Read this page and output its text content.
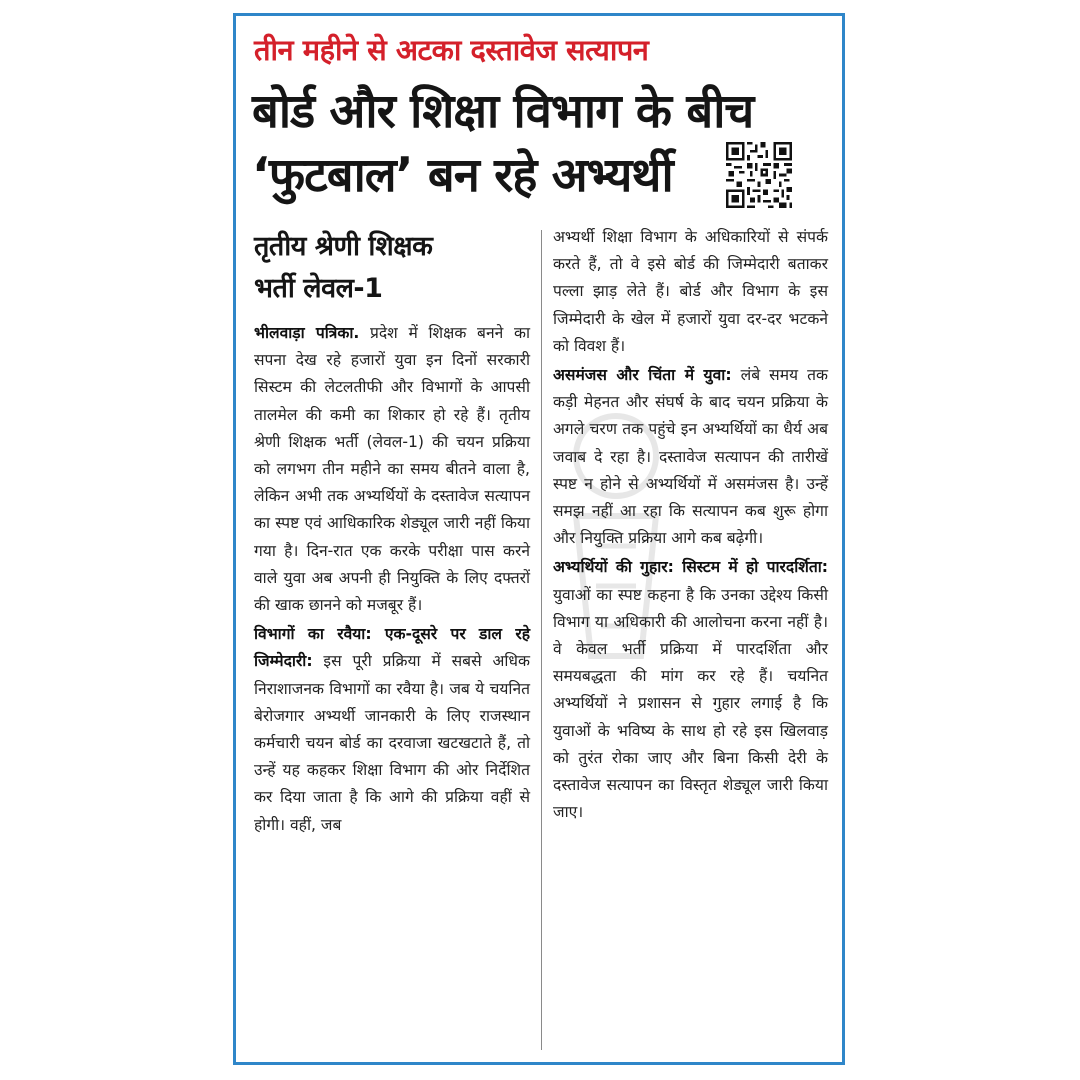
तीन महीने से अटका दस्तावेज सत्यापन
बोर्ड और शिक्षा विभाग के बीच
‘फुटबाल’ बन रहे अभ्यर्थी
तृतीय श्रेणी शिक्षक
भर्ती लेवल-1

भीलवाड़ा पत्रिका. प्रदेश में शिक्षक बनने का सपना देख रहे हजारों युवा इन दिनों सरकारी सिस्टम की लेटलतीफी और विभागों के आपसी तालमेल की कमी का शिकार हो रहे हैं। तृतीय श्रेणी शिक्षक भर्ती (लेवल-1) की चयन प्रक्रिया को लगभग तीन महीने का समय बीतने वाला है, लेकिन अभी तक अभ्यर्थियों के दस्तावेज सत्यापन का स्पष्ट एवं आधिकारिक शेड्यूल जारी नहीं किया गया है। दिन-रात एक करके परीक्षा पास करने वाले युवा अब अपनी ही नियुक्ति के लिए दफ्तरों की खाक छानने को मजबूर हैं।

विभागों का रवैया: एक-दूसरे पर डाल रहे जिम्मेदारी: इस पूरी प्रक्रिया में सबसे अधिक निराशाजनक विभागों का रवैया है। जब ये चयनित बेरोजगार अभ्यर्थी जानकारी के लिए राजस्थान कर्मचारी चयन बोर्ड का दरवाजा खटखटाते हैं, तो उन्हें यह कहकर शिक्षा विभाग की ओर निर्देशित कर दिया जाता है कि आगे की प्रक्रिया वहीं से होगी। वहीं, जब

अभ्यर्थी शिक्षा विभाग के अधिकारियों से संपर्क करते हैं, तो वे इसे बोर्ड की जिम्मेदारी बताकर पल्ला झाड़ लेते हैं। बोर्ड और विभाग के इस जिम्मेदारी के खेल में हजारों युवा दर-दर भटकने को विवश हैं।

असमंजस और चिंता में युवा: लंबे समय तक कड़ी मेहनत और संघर्ष के बाद चयन प्रक्रिया के अगले चरण तक पहुंचे इन अभ्यर्थियों का धैर्य अब जवाब दे रहा है। दस्तावेज सत्यापन की तारीखें स्पष्ट न होने से अभ्यर्थियों में असमंजस है। उन्हें समझ नहीं आ रहा कि सत्यापन कब शुरू होगा और नियुक्ति प्रक्रिया आगे कब बढ़ेगी।

अभ्यर्थियों की गुहार: सिस्टम में हो पारदर्शिता: युवाओं का स्पष्ट कहना है कि उनका उद्देश्य किसी विभाग या अधिकारी की आलोचना करना नहीं है। वे केवल भर्ती प्रक्रिया में पारदर्शिता और समयबद्धता की मांग कर रहे हैं। चयनित अभ्यर्थियों ने प्रशासन से गुहार लगाई है कि युवाओं के भविष्य के साथ हो रहे इस खिलवाड़ को तुरंत रोका जाए और बिना किसी देरी के दस्तावेज सत्यापन का विस्तृत शेड्यूल जारी किया जाए।
